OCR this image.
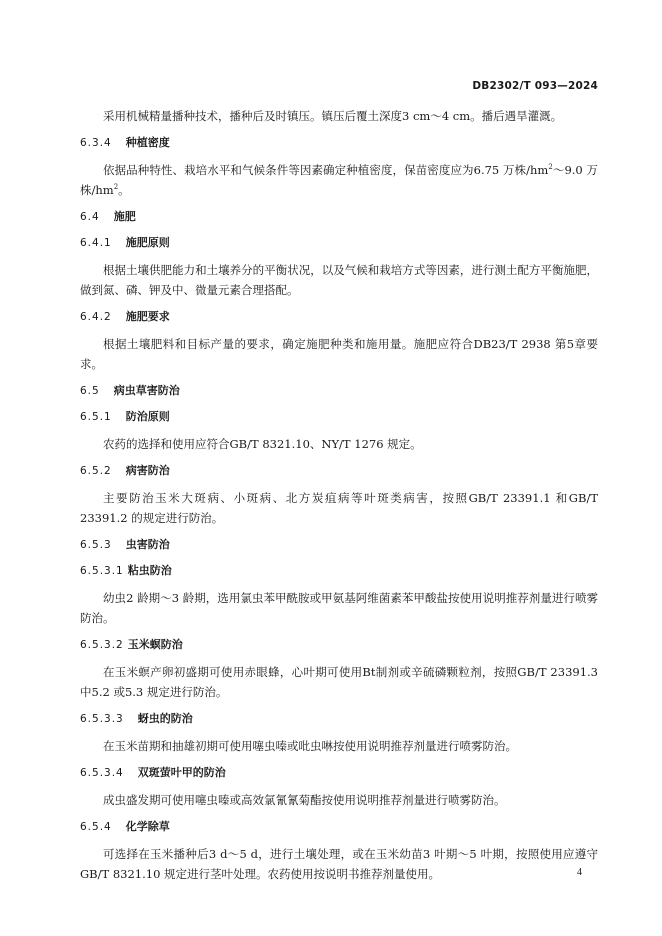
DB2302/T 093—2024

采用机械精量播种技术，播种后及时镇压。镇压后覆土深度3 cm～4 cm。播后遇旱灌溉。

6.3.4 种植密度

依据品种特性、栽培水平和气候条件等因素确定种植密度，保苗密度应为6.75 万株$/hm^2\sim 9.0$ 万株$/hm^2$。

6.4 施肥
6.4.1 施肥原则

根据土壤供肥能力和土壤养分的平衡状况，以及气候和栽培方式等因素，进行测土配方平衡施肥，做到氮、磷、钾及中、微量元素合理搭配。

6.4.2 施肥要求

根据土壤肥料和目标产量的要求，确定施肥种类和施用量。施肥应符合DB23/T 2938 第5章要求。

6.5 病虫草害防治
6.5.1 防治原则

农药的选择和使用应符合GB/T 8321.10、NY/T 1276 规定。

6.5.2 病害防治

主要防治玉米大斑病、小斑病、北方炭疽病等叶斑类病害，按照GB/T 23391.1 和GB/T 23391.2 的规定进行防治。

6.5.3 虫害防治
6.5.3.1 粘虫防治

幼虫2 龄期～3 龄期，选用氯虫苯甲酰胺或甲氨基阿维菌素苯甲酸盐按使用说明推荐剂量进行喷雾防治。

6.5.3.2 玉米螟防治

在玉米螟产卵初盛期可使用赤眼蜂，心叶期可使用Bt制剂或辛硫磷颗粒剂，按照GB/T 23391.3 中5.2 或5.3 规定进行防治。

6.5.3.3 蚜虫的防治

在玉米苗期和抽雄初期可使用噻虫嗪或吡虫啉按使用说明推荐剂量进行喷雾防治。

6.5.3.4 双斑萤叶甲的防治

成虫盛发期可使用噻虫嗪或高效氯氰氰菊酯按使用说明推荐剂量进行喷雾防治。

6.5.4 化学除草

可选择在玉米播种后3 d～5 d，进行土壤处理，或在玉米幼苗3 叶期～5 叶期，按照使用应遵守GB/T 8321.10 规定进行茎叶处理。农药使用按说明书推荐剂量使用。	4
